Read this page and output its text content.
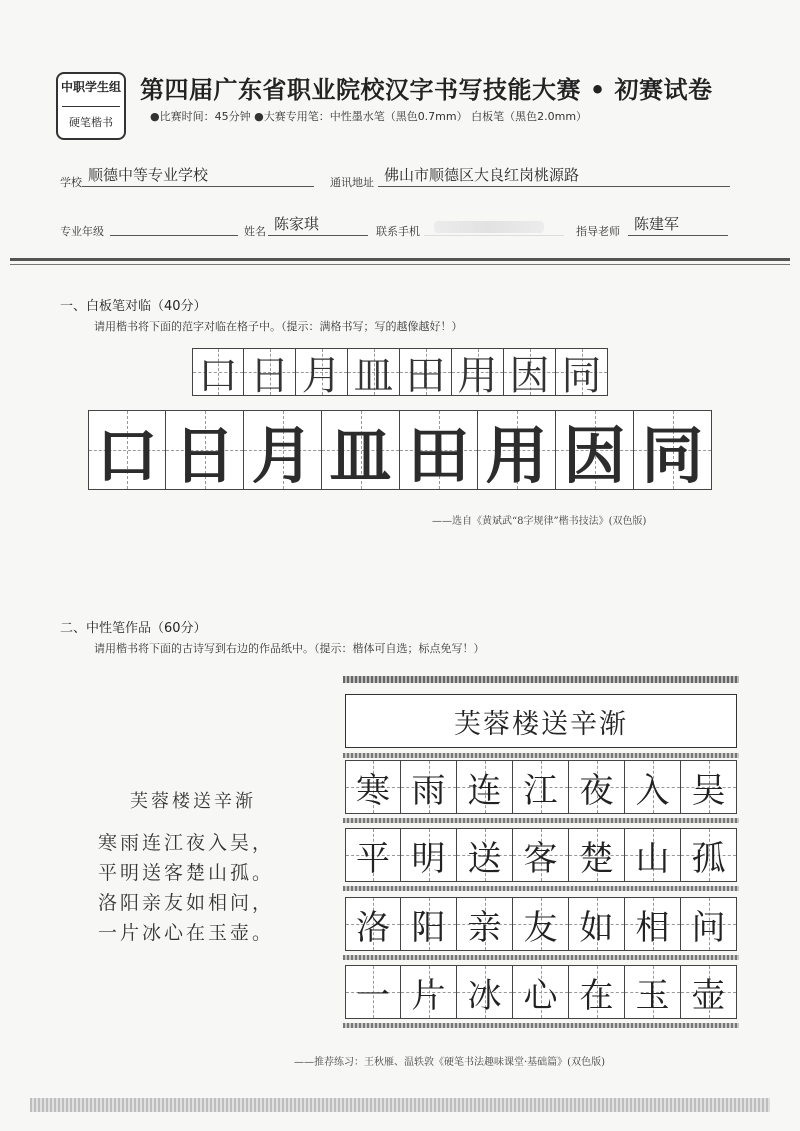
中职学生组
硬笔楷书
第四届广东省职业院校汉字书写技能大赛 • 初赛试卷
●比赛时间：45分钟 ●大赛专用笔：中性墨水笔（黑色0.7mm） 白板笔（黑色2.0mm）
学校 顺德中等专业学校	通讯地址 佛山市顺德区大良红岗桃源路
专业年级	姓名 陈家琪	联系手机	指导老师 陈建军
一、白板笔对临（40分）
请用楷书将下面的范字对临在格子中。（提示：满格书写；写的越像越好！）
口 日 月 皿 田 用 因 同
口 日 月 皿 田 用 因 同
——选自《黄斌武“8字规律”楷书技法》(双色版)
二、中性笔作品（60分）
请用楷书将下面的古诗写到右边的作品纸中。（提示：楷体可自选；标点免写！）
芙蓉楼送辛渐
寒雨连江夜入吴，
平明送客楚山孤。
洛阳亲友如相问，
一片冰心在玉壶。
芙蓉楼送辛渐
寒 雨 连 江 夜 入 吴
平 明 送 客 楚 山 孤
洛 阳 亲 友 如 相 问
一 片 冰 心 在 玉 壶
——推荐练习：王秋雁、温轶敦《硬笔书法趣味课堂·基础篇》(双色版)
